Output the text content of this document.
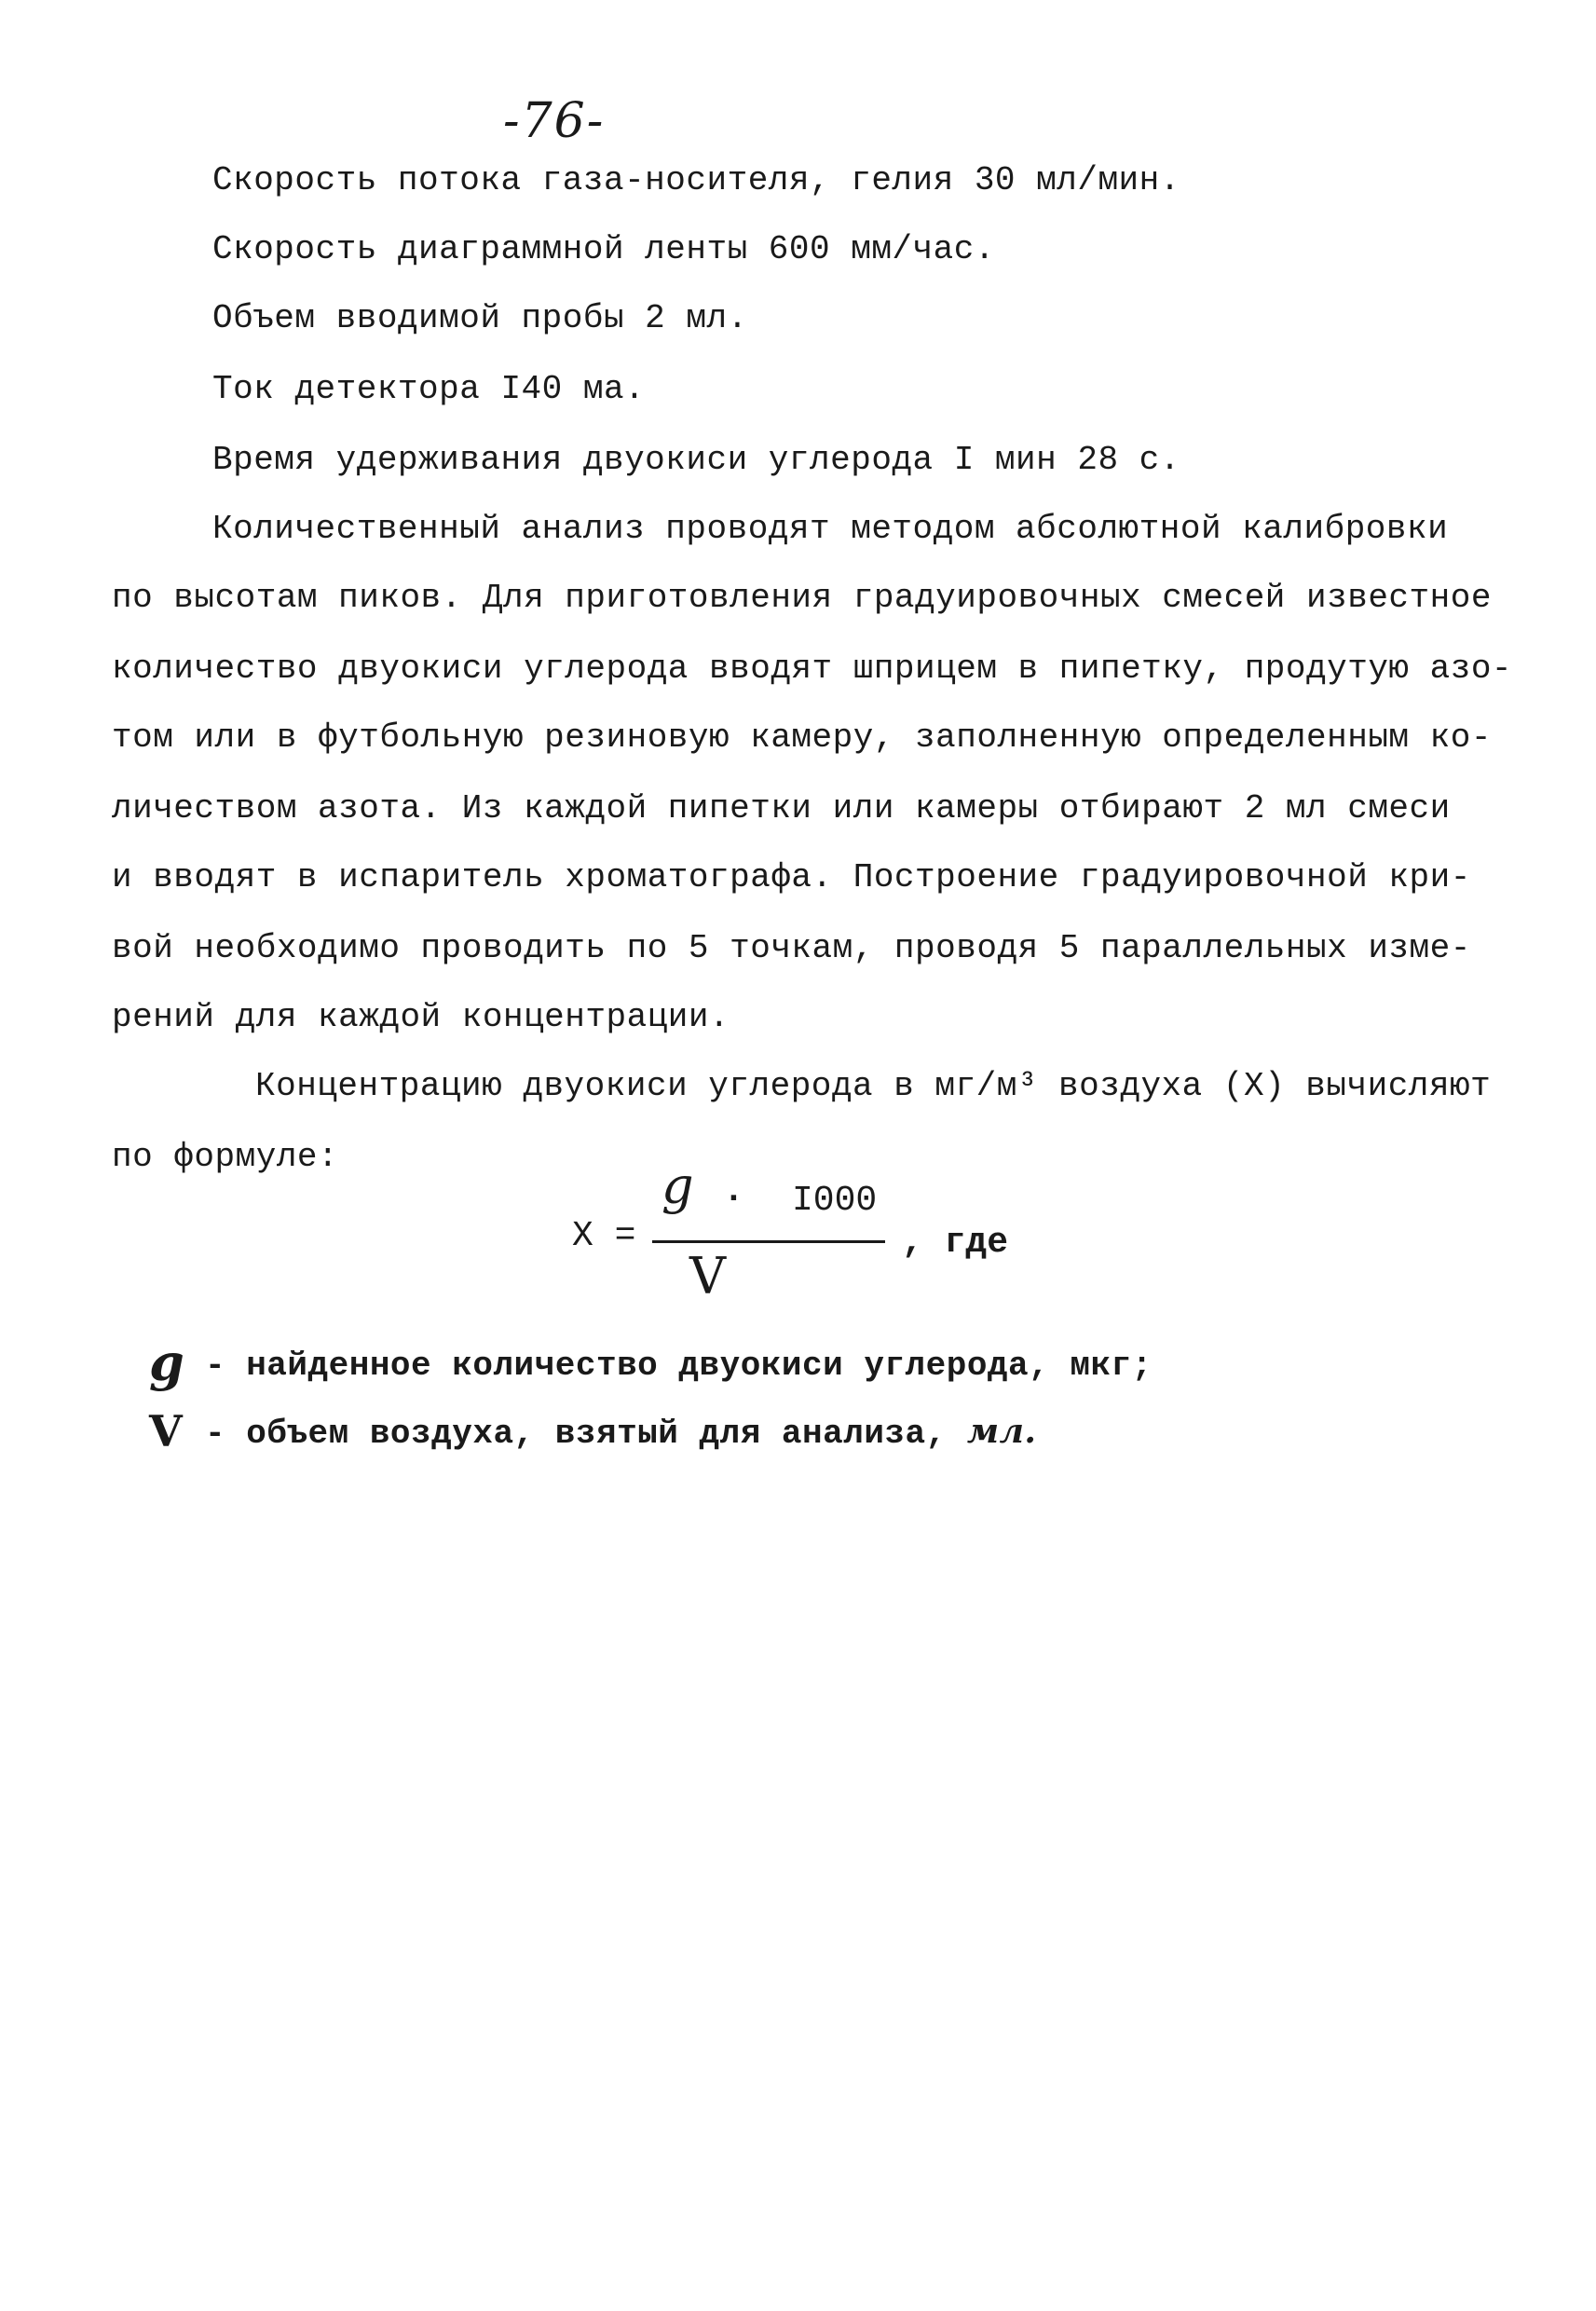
-76-
Скорость потока газа-носителя, гелия 30 мл/мин.
Скорость диаграммной ленты 600 мм/час.
Объем вводимой пробы 2 мл.
Ток детектора I40 ма.
Время удерживания двуокиси углерода I мин 28 с.
Количественный анализ проводят методом абсолютной калибровки
по высотам пиков. Для приготовления градуировочных смесей известное
количество двуокиси углерода вводят шприцем в пипетку, продутую азо-
том или в футбольную резиновую камеру, заполненную определенным ко-
личеством азота. Из каждой пипетки или камеры отбирают 2 мл смеси
и вводят в испаритель хроматографа. Построение градуировочной кри-
вой необходимо проводить по 5 точкам, проводя 5 параллельных изме-
рений для каждой концентрации.
Концентрацию двуокиси углерода в мг/м³ воздуха (X) вычисляют
по формуле:
X =
g · I000
V
, где
g - найденное количество двуокиси углерода, мкг;
V - объем воздуха, взятый для анализа, мл.
